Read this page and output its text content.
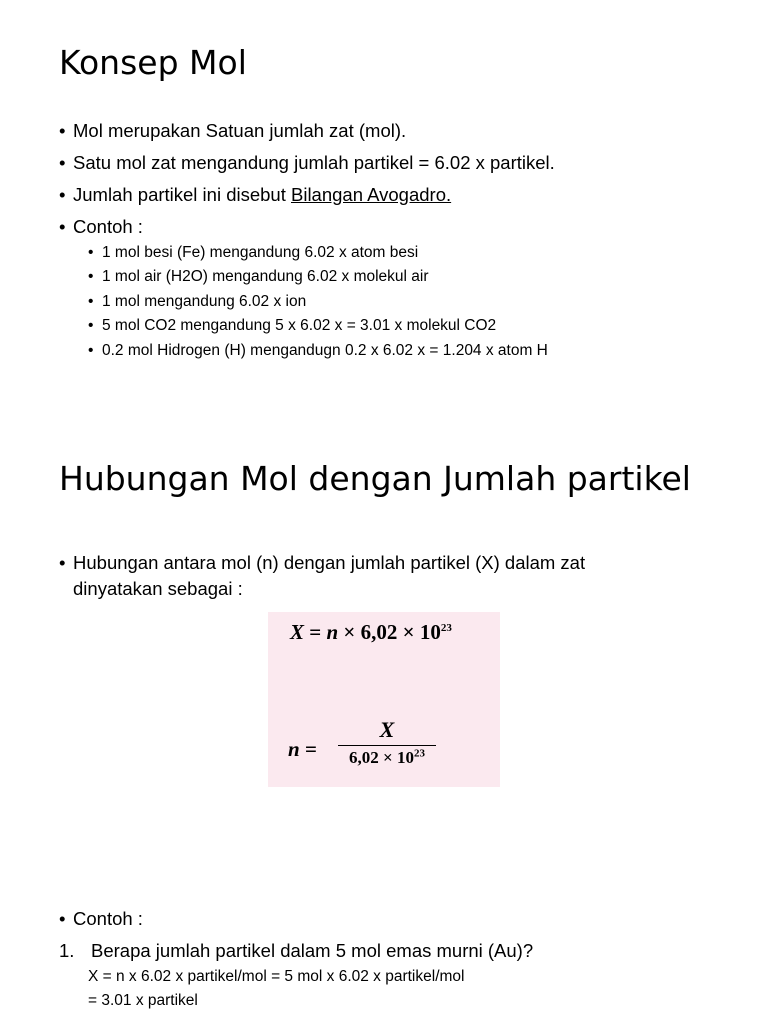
Konsep Mol

• Mol merupakan Satuan jumlah zat (mol).

• Satu mol zat mengandung jumlah partikel = 6.02 x partikel.

• Jumlah partikel ini disebut Bilangan Avogadro.

• Contoh :

• 1 mol besi (Fe) mengandung 6.02 x atom besi

• 1 mol air (H2O) mengandung 6.02 x molekul air

• 1 mol mengandung 6.02 x ion

• 5 mol CO2 mengandung 5 x 6.02 x = 3.01 x molekul CO2

• 0.2 mol Hidrogen (H) mengandugn 0.2 x 6.02 x = 1.204 x atom H

Hubungan Mol dengan Jumlah partikel

• Hubungan antara mol (n) dengan jumlah partikel (X) dalam zat dinyatakan sebagai :

$X = n \times 6,02 \times 10^{23}$
n =
X
$6,02 \times 10^{23}$

• Contoh :

1. Berapa jumlah partikel dalam 5 mol emas murni (Au)?

X = n x 6.02 x partikel/mol = 5 mol x 6.02 x partikel/mol

= 3.01 x partikel
